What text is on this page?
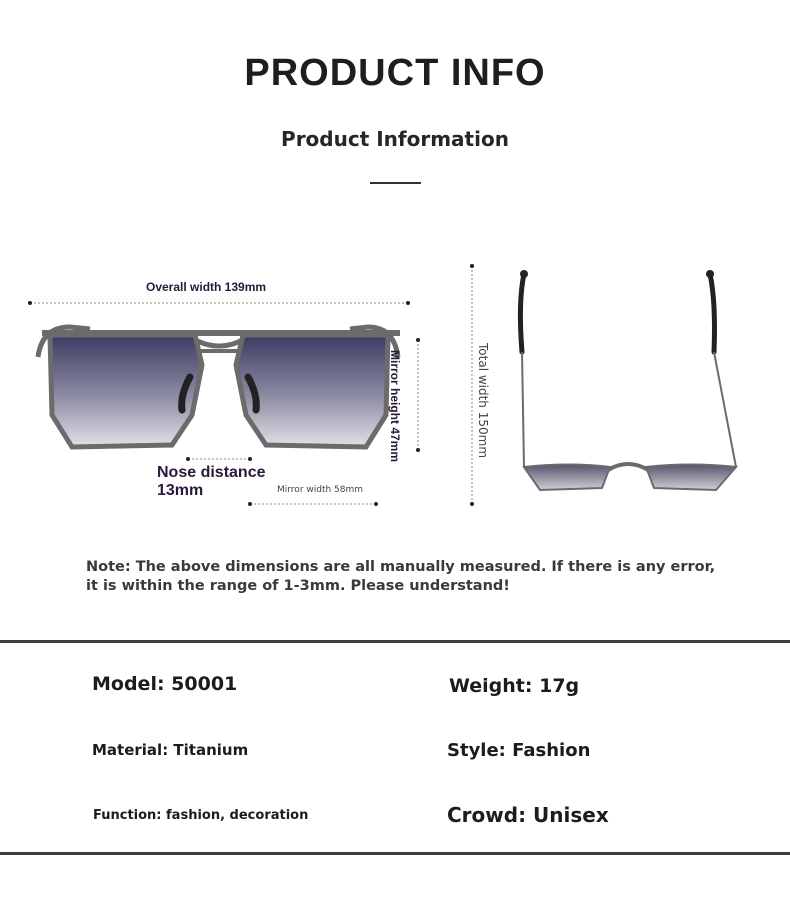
PRODUCT INFO
Product Information
Overall width 139mm
Mirror height 47mm
Nose distance
13mm	Mirror width 58mm
Total width 150mm
Note: The above dimensions are all manually measured. If there is any error, it is within the range of 1-3mm. Please understand!
Model: 50001	Weight: 17g
Material: Titanium	Style: Fashion
Function: fashion, decoration	Crowd: Unisex
